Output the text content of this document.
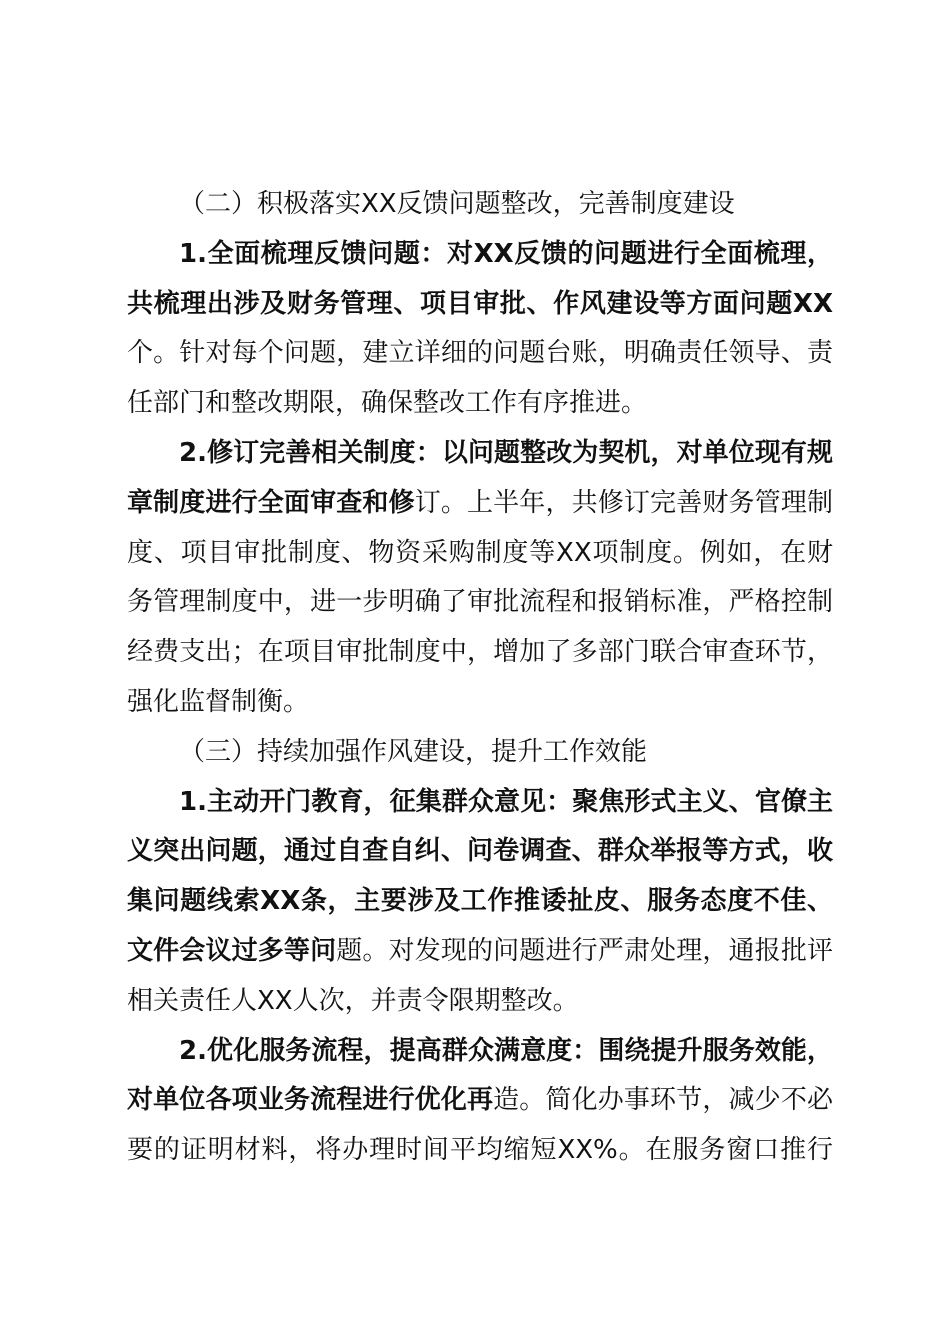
（二）积极落实XX反馈问题整改，完善制度建设

1.全面梳理反馈问题：对XX反馈的问题进行全面梳理，共梳理出涉及财务管理、项目审批、作风建设等方面问题XX个。针对每个问题，建立详细的问题台账，明确责任领导、责任部门和整改期限，确保整改工作有序推进。

2.修订完善相关制度：以问题整改为契机，对单位现有规章制度进行全面审查和修订。上半年，共修订完善财务管理制度、项目审批制度、物资采购制度等XX项制度。例如，在财务管理制度中，进一步明确了审批流程和报销标准，严格控制经费支出；在项目审批制度中，增加了多部门联合审查环节，强化监督制衡。

（三）持续加强作风建设，提升工作效能

1.主动开门教育，征集群众意见：聚焦形式主义、官僚主义突出问题，通过自查自纠、问卷调查、群众举报等方式，收集问题线索XX条，主要涉及工作推诿扯皮、服务态度不佳、文件会议过多等问题。对发现的问题进行严肃处理，通报批评相关责任人XX人次，并责令限期整改。

2.优化服务流程，提高群众满意度：围绕提升服务效能，对单位各项业务流程进行优化再造。简化办事环节，减少不必要的证明材料，将办理时间平均缩短XX%。在服务窗口推行
